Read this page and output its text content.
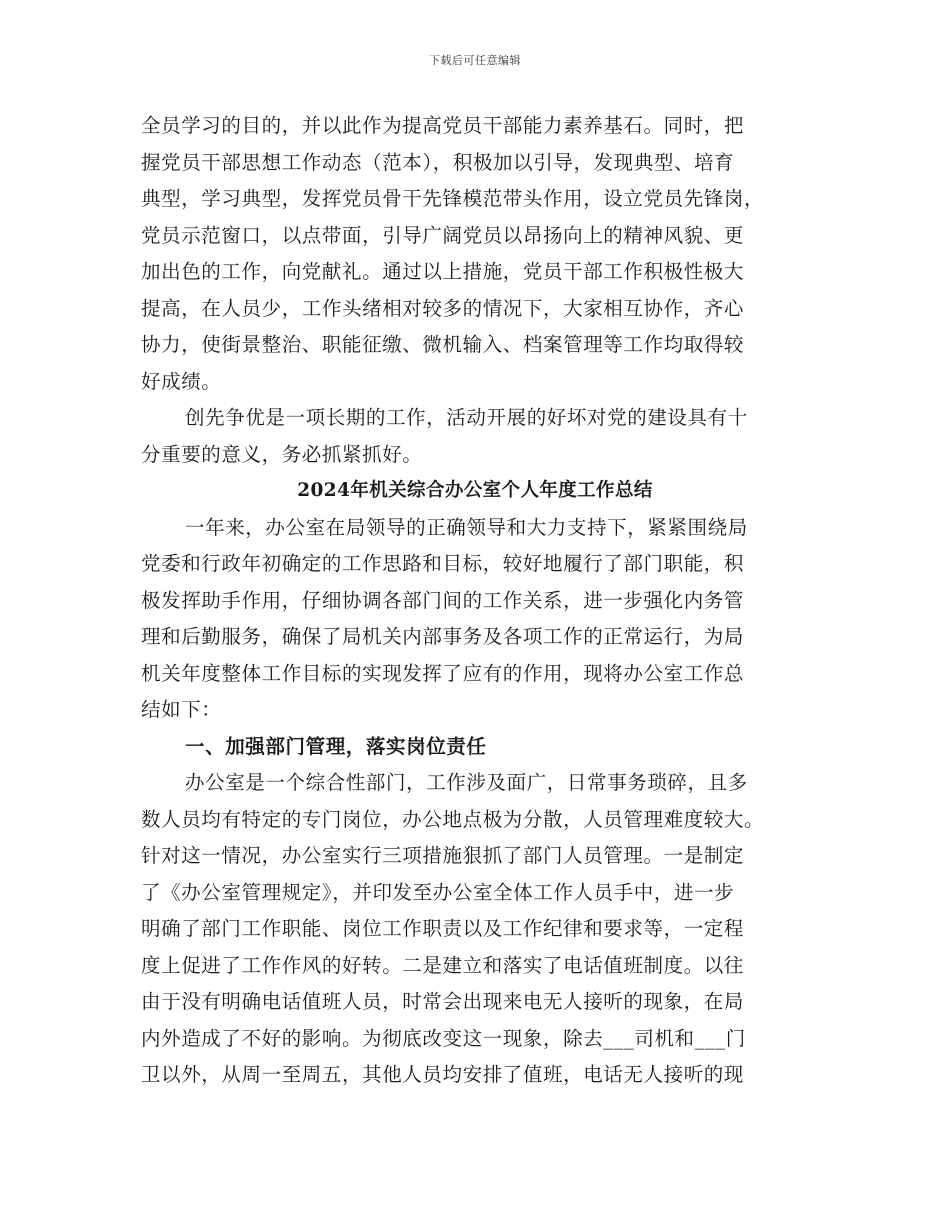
下载后可任意编辑
全员学习的目的，并以此作为提高党员干部能力素养基石。同时，把
握党员干部思想工作动态（范本），积极加以引导，发现典型、培育
典型，学习典型，发挥党员骨干先锋模范带头作用，设立党员先锋岗，
党员示范窗口，以点带面，引导广阔党员以昂扬向上的精神风貌、更
加出色的工作，向党献礼。通过以上措施，党员干部工作积极性极大
提高，在人员少，工作头绪相对较多的情况下，大家相互协作，齐心
协力，使街景整治、职能征缴、微机输入、档案管理等工作均取得较
好成绩。
创先争优是一项长期的工作，活动开展的好坏对党的建设具有十
分重要的意义，务必抓紧抓好。
2024年机关综合办公室个人年度工作总结
一年来，办公室在局领导的正确领导和大力支持下，紧紧围绕局
党委和行政年初确定的工作思路和目标，较好地履行了部门职能，积
极发挥助手作用，仔细协调各部门间的工作关系，进一步强化内务管
理和后勤服务，确保了局机关内部事务及各项工作的正常运行，为局
机关年度整体工作目标的实现发挥了应有的作用，现将办公室工作总
结如下：
一、加强部门管理，落实岗位责任
办公室是一个综合性部门，工作涉及面广，日常事务琐碎，且多
数人员均有特定的专门岗位，办公地点极为分散，人员管理难度较大。
针对这一情况，办公室实行三项措施狠抓了部门人员管理。一是制定
了《办公室管理规定》，并印发至办公室全体工作人员手中，进一步
明确了部门工作职能、岗位工作职责以及工作纪律和要求等，一定程
度上促进了工作作风的好转。二是建立和落实了电话值班制度。以往
由于没有明确电话值班人员，时常会出现来电无人接听的现象，在局
内外造成了不好的影响。为彻底改变这一现象，除去___司机和___门
卫以外，从周一至周五，其他人员均安排了值班，电话无人接听的现
